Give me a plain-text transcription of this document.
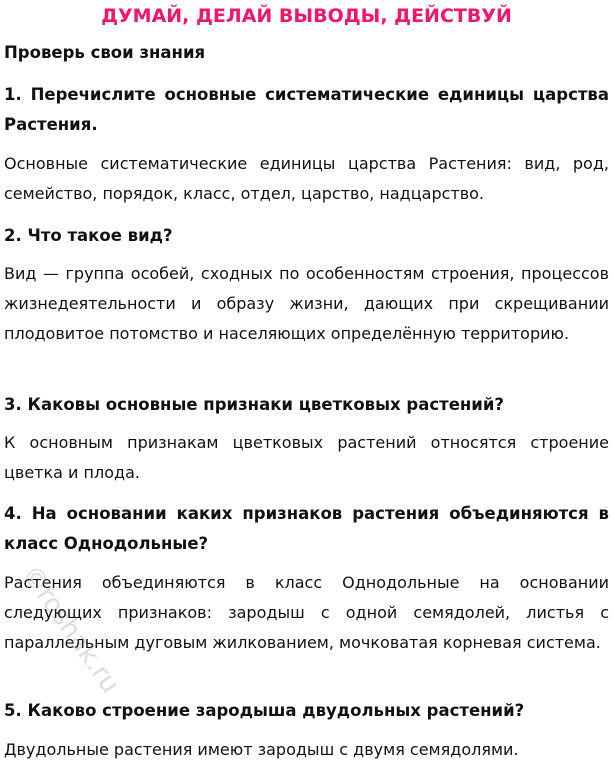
ДУМАЙ, ДЕЛАЙ ВЫВОДЫ, ДЕЙСТВУЙ
Проверь свои знания

1. Перечислите основные систематические единицы царства Растения.

Основные систематические единицы царства Растения: вид, род, семейство, порядок, класс, отдел, царство, надцарство.

2. Что такое вид?

Вид — группа особей, сходных по особенностям строения, процессов жизнедеятельности и образу жизни, дающих при скрещивании плодовитое потомство и населяющих определённую территорию.

3. Каковы основные признаки цветковых растений?

К основным признакам цветковых растений относятся строение цветка и плода.

4. На основании каких признаков растения объединяются в класс Однодольные?

Растения объединяются в класс Однодольные на основании следующих признаков: зародыш с одной семядолей, листья с параллельным дуговым жилкованием, мочковатая корневая система.

5. Каково строение зародыша двудольных растений?

Двудольные растения имеют зародыш с двумя семядолями.

©roshak.ru
